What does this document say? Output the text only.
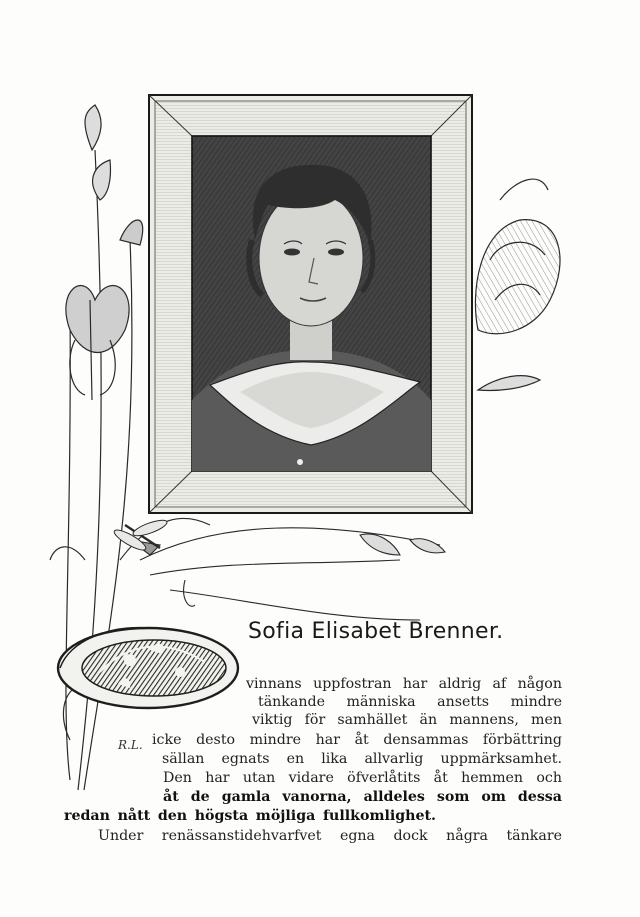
Sofia Elisabet Brenner.
R.L.
vinnans uppfostran har aldrig af någon
tänkande människa ansetts mindre
viktig för samhället än mannens, men
icke desto mindre har åt densammas förbättring
sällan egnats en lika allvarlig uppmärksamhet.
Den har utan vidare öfverlåtits åt hemmen och
åt de gamla vanorna, alldeles som om dessa
redan nått den högsta möjliga fullkomlighet.
Under renässanstidehvarfvet egna dock några tänkare
